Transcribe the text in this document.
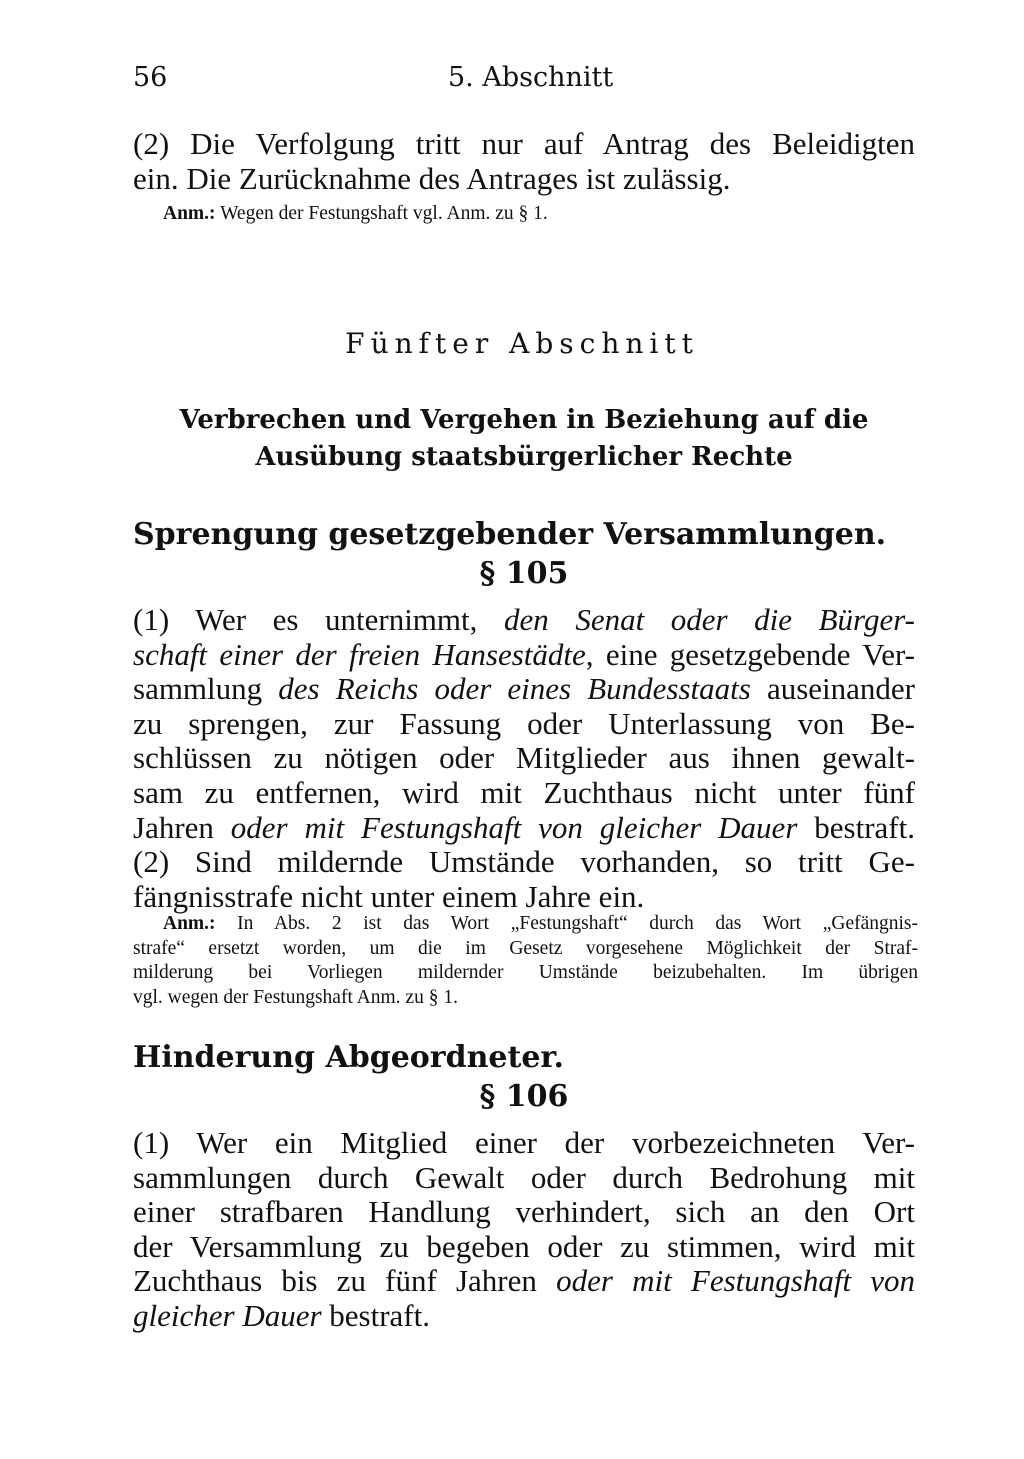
56	5. Abschnitt
(2) Die Verfolgung tritt nur auf Antrag des Beleidigten
ein. Die Zurücknahme des Antrages ist zulässig.
Anm.: Wegen der Festungshaft vgl. Anm. zu § 1.
Fünfter Abschnitt
Verbrechen und Vergehen in Beziehung auf die
Ausübung staatsbürgerlicher Rechte
Sprengung gesetzgebender Versammlungen.
§ 105
(1) Wer es unternimmt, den Senat oder die Bürger-
schaft einer der freien Hansestädte, eine gesetzgebende Ver-
sammlung des Reichs oder eines Bundesstaats auseinander
zu sprengen, zur Fassung oder Unterlassung von Be-
schlüssen zu nötigen oder Mitglieder aus ihnen gewalt-
sam zu entfernen, wird mit Zuchthaus nicht unter fünf
Jahren oder mit Festungshaft von gleicher Dauer bestraft.
(2) Sind mildernde Umstände vorhanden, so tritt Ge-
fängnisstrafe nicht unter einem Jahre ein.
Anm.: In Abs. 2 ist das Wort „Festungshaft“ durch das Wort „Gefängnis-
strafe“ ersetzt worden, um die im Gesetz vorgesehene Möglichkeit der Straf-
milderung bei Vorliegen mildernder Umstände beizubehalten. Im übrigen
vgl. wegen der Festungshaft Anm. zu § 1.
Hinderung Abgeordneter.
§ 106
(1) Wer ein Mitglied einer der vorbezeichneten Ver-
sammlungen durch Gewalt oder durch Bedrohung mit
einer strafbaren Handlung verhindert, sich an den Ort
der Versammlung zu begeben oder zu stimmen, wird mit
Zuchthaus bis zu fünf Jahren oder mit Festungshaft von
gleicher Dauer bestraft.
